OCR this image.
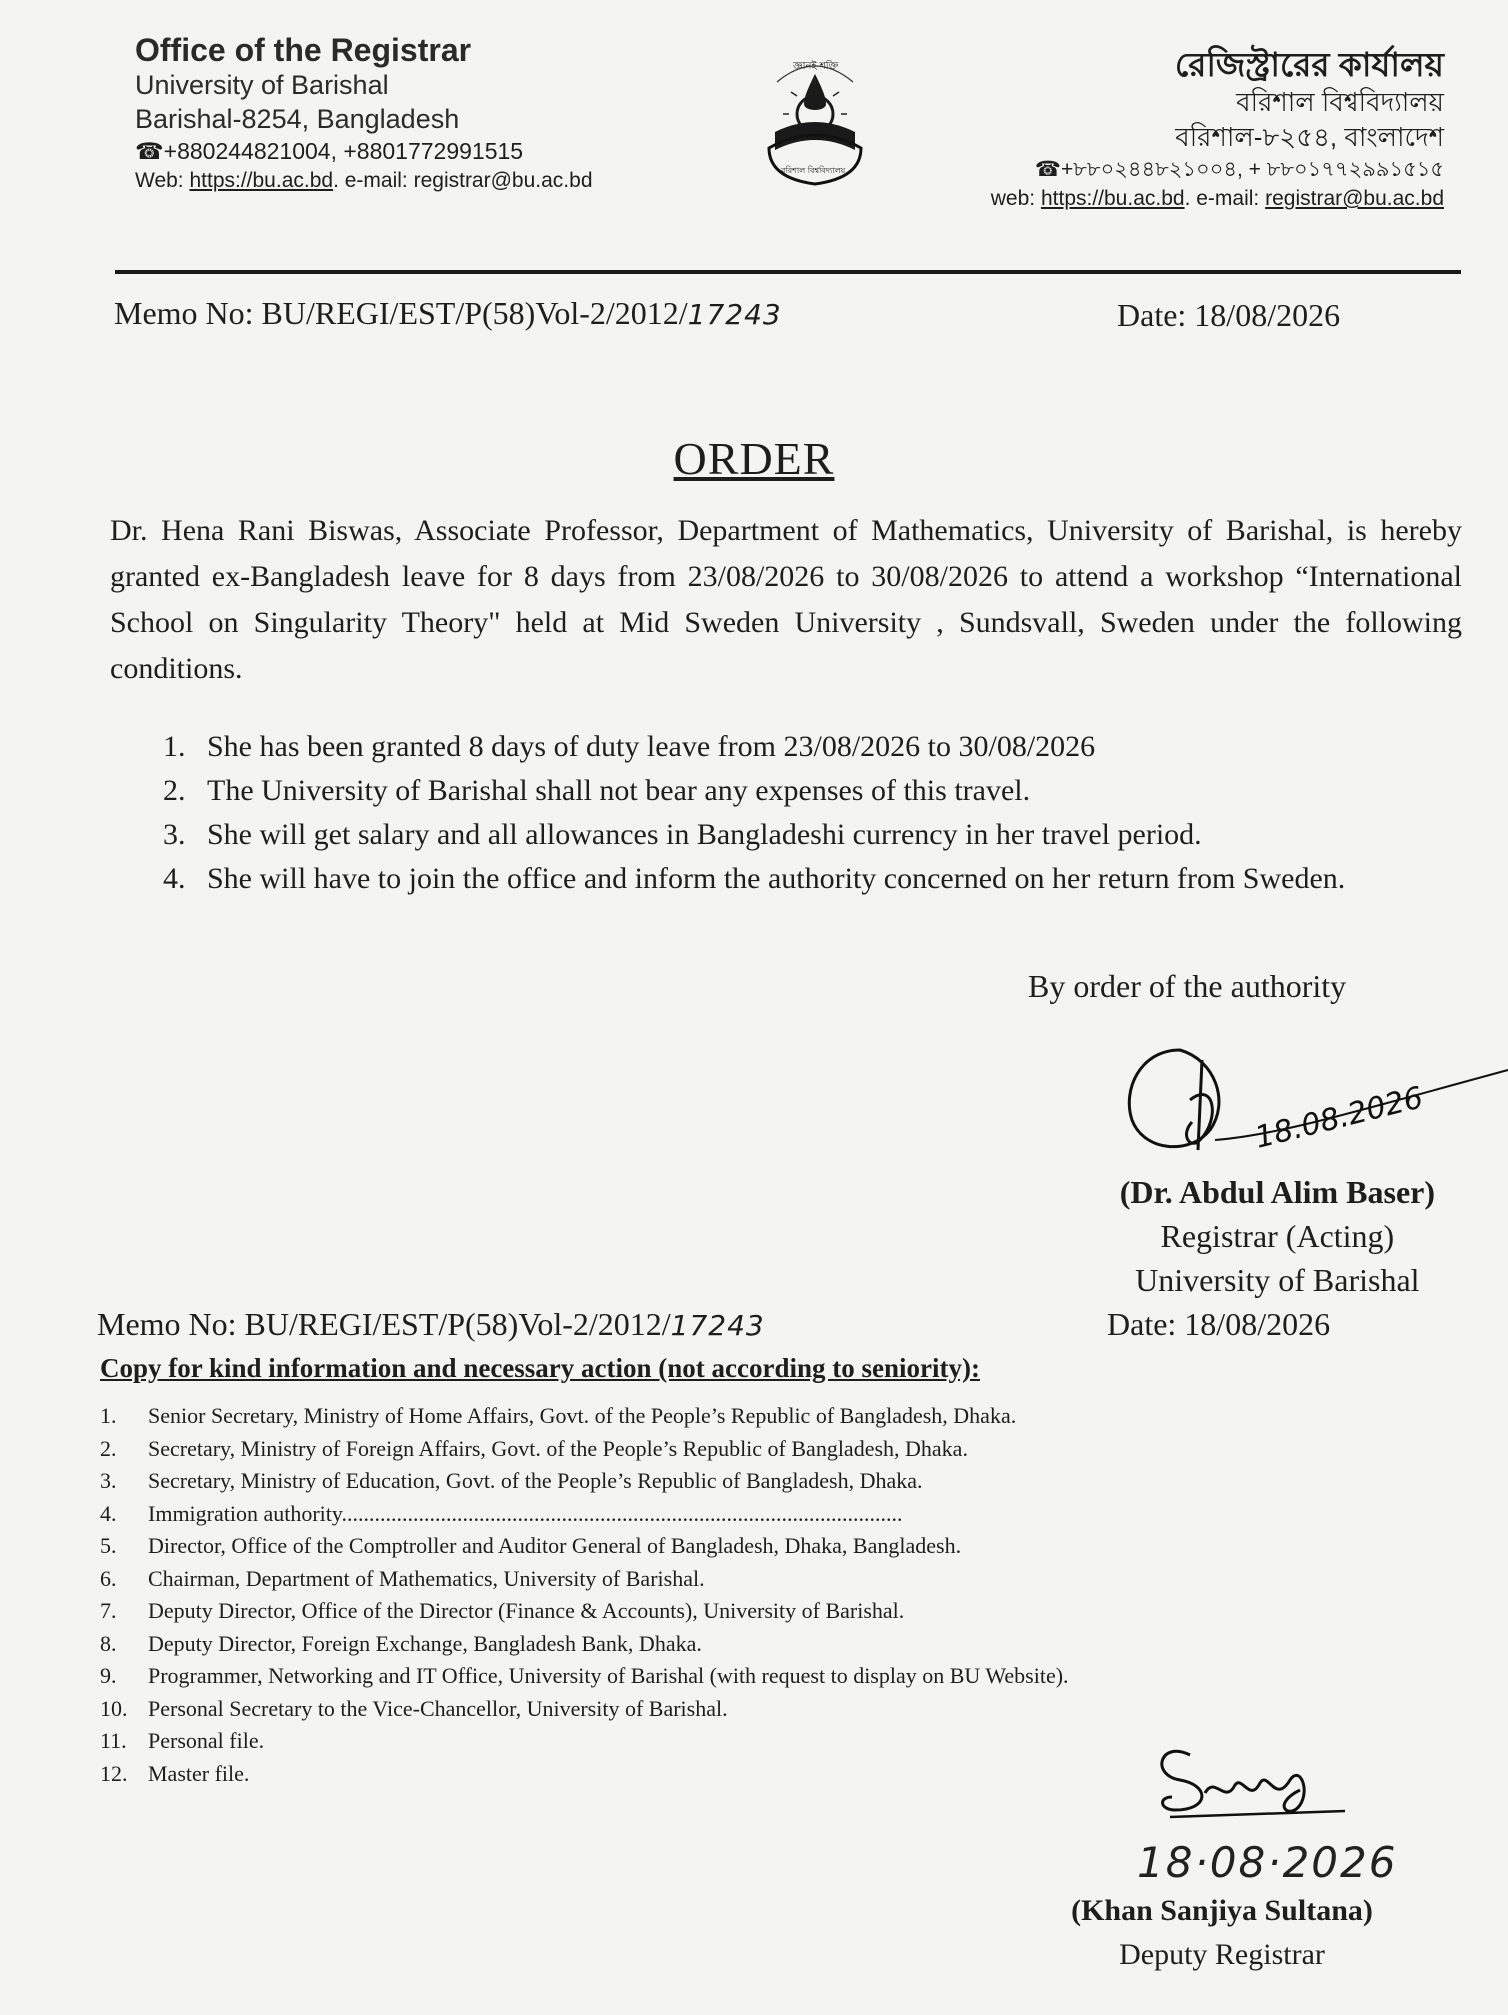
Office of the Registrar
University of Barishal
Barishal-8254, Bangladesh
☎+880244821004, +8801772991515
Web: https://bu.ac.bd. e-mail: registrar@bu.ac.bd
জ্ঞানই শক্তি
বরিশাল বিশ্ববিদ্যালয়
রেজিস্ট্রারের কার্যালয়
বরিশাল বিশ্ববিদ্যালয়
বরিশাল-৮২৫৪, বাংলাদেশ
☎+৮৮০২৪৪৮২১০০৪, + ৮৮০১৭৭২৯৯১৫১৫
web: https://bu.ac.bd. e-mail: registrar@bu.ac.bd
Memo No: BU/REGI/EST/P(58)Vol-2/2012/17243	Date: 18/08/2026
ORDER
Dr. Hena Rani Biswas, Associate Professor, Department of Mathematics, University of Barishal, is hereby granted ex-Bangladesh leave for 8 days from 23/08/2026 to 30/08/2026 to attend a workshop “International School on Singularity Theory" held at Mid Sweden University , Sundsvall, Sweden under the following conditions.
1. She has been granted 8 days of duty leave from 23/08/2026 to 30/08/2026
2. The University of Barishal shall not bear any expenses of this travel.
3. She will get salary and all allowances in Bangladeshi currency in her travel period.
4. She will have to join the office and inform the authority concerned on her return from Sweden.
By order of the authority
18.08.2026
(Dr. Abdul Alim Baser)
Registrar (Acting)
University of Barishal
Memo No: BU/REGI/EST/P(58)Vol-2/2012/17243	Date: 18/08/2026
Copy for kind information and necessary action (not according to seniority):
1.	Senior Secretary, Ministry of Home Affairs, Govt. of the People’s Republic of Bangladesh, Dhaka.
2.	Secretary, Ministry of Foreign Affairs, Govt. of the People’s Republic of Bangladesh, Dhaka.
3.	Secretary, Ministry of Education, Govt. of the People’s Republic of Bangladesh, Dhaka.
4.	Immigration authority......................................................................................................
5.	Director, Office of the Comptroller and Auditor General of Bangladesh, Dhaka, Bangladesh.
6.	Chairman, Department of Mathematics, University of Barishal.
7.	Deputy Director, Office of the Director (Finance & Accounts), University of Barishal.
8.	Deputy Director, Foreign Exchange, Bangladesh Bank, Dhaka.
9.	Programmer, Networking and IT Office, University of Barishal (with request to display on BU Website).
10. Personal Secretary to the Vice-Chancellor, University of Barishal.
11. Personal file.
12. Master file.
18·08·2026
(Khan Sanjiya Sultana)
Deputy Registrar
